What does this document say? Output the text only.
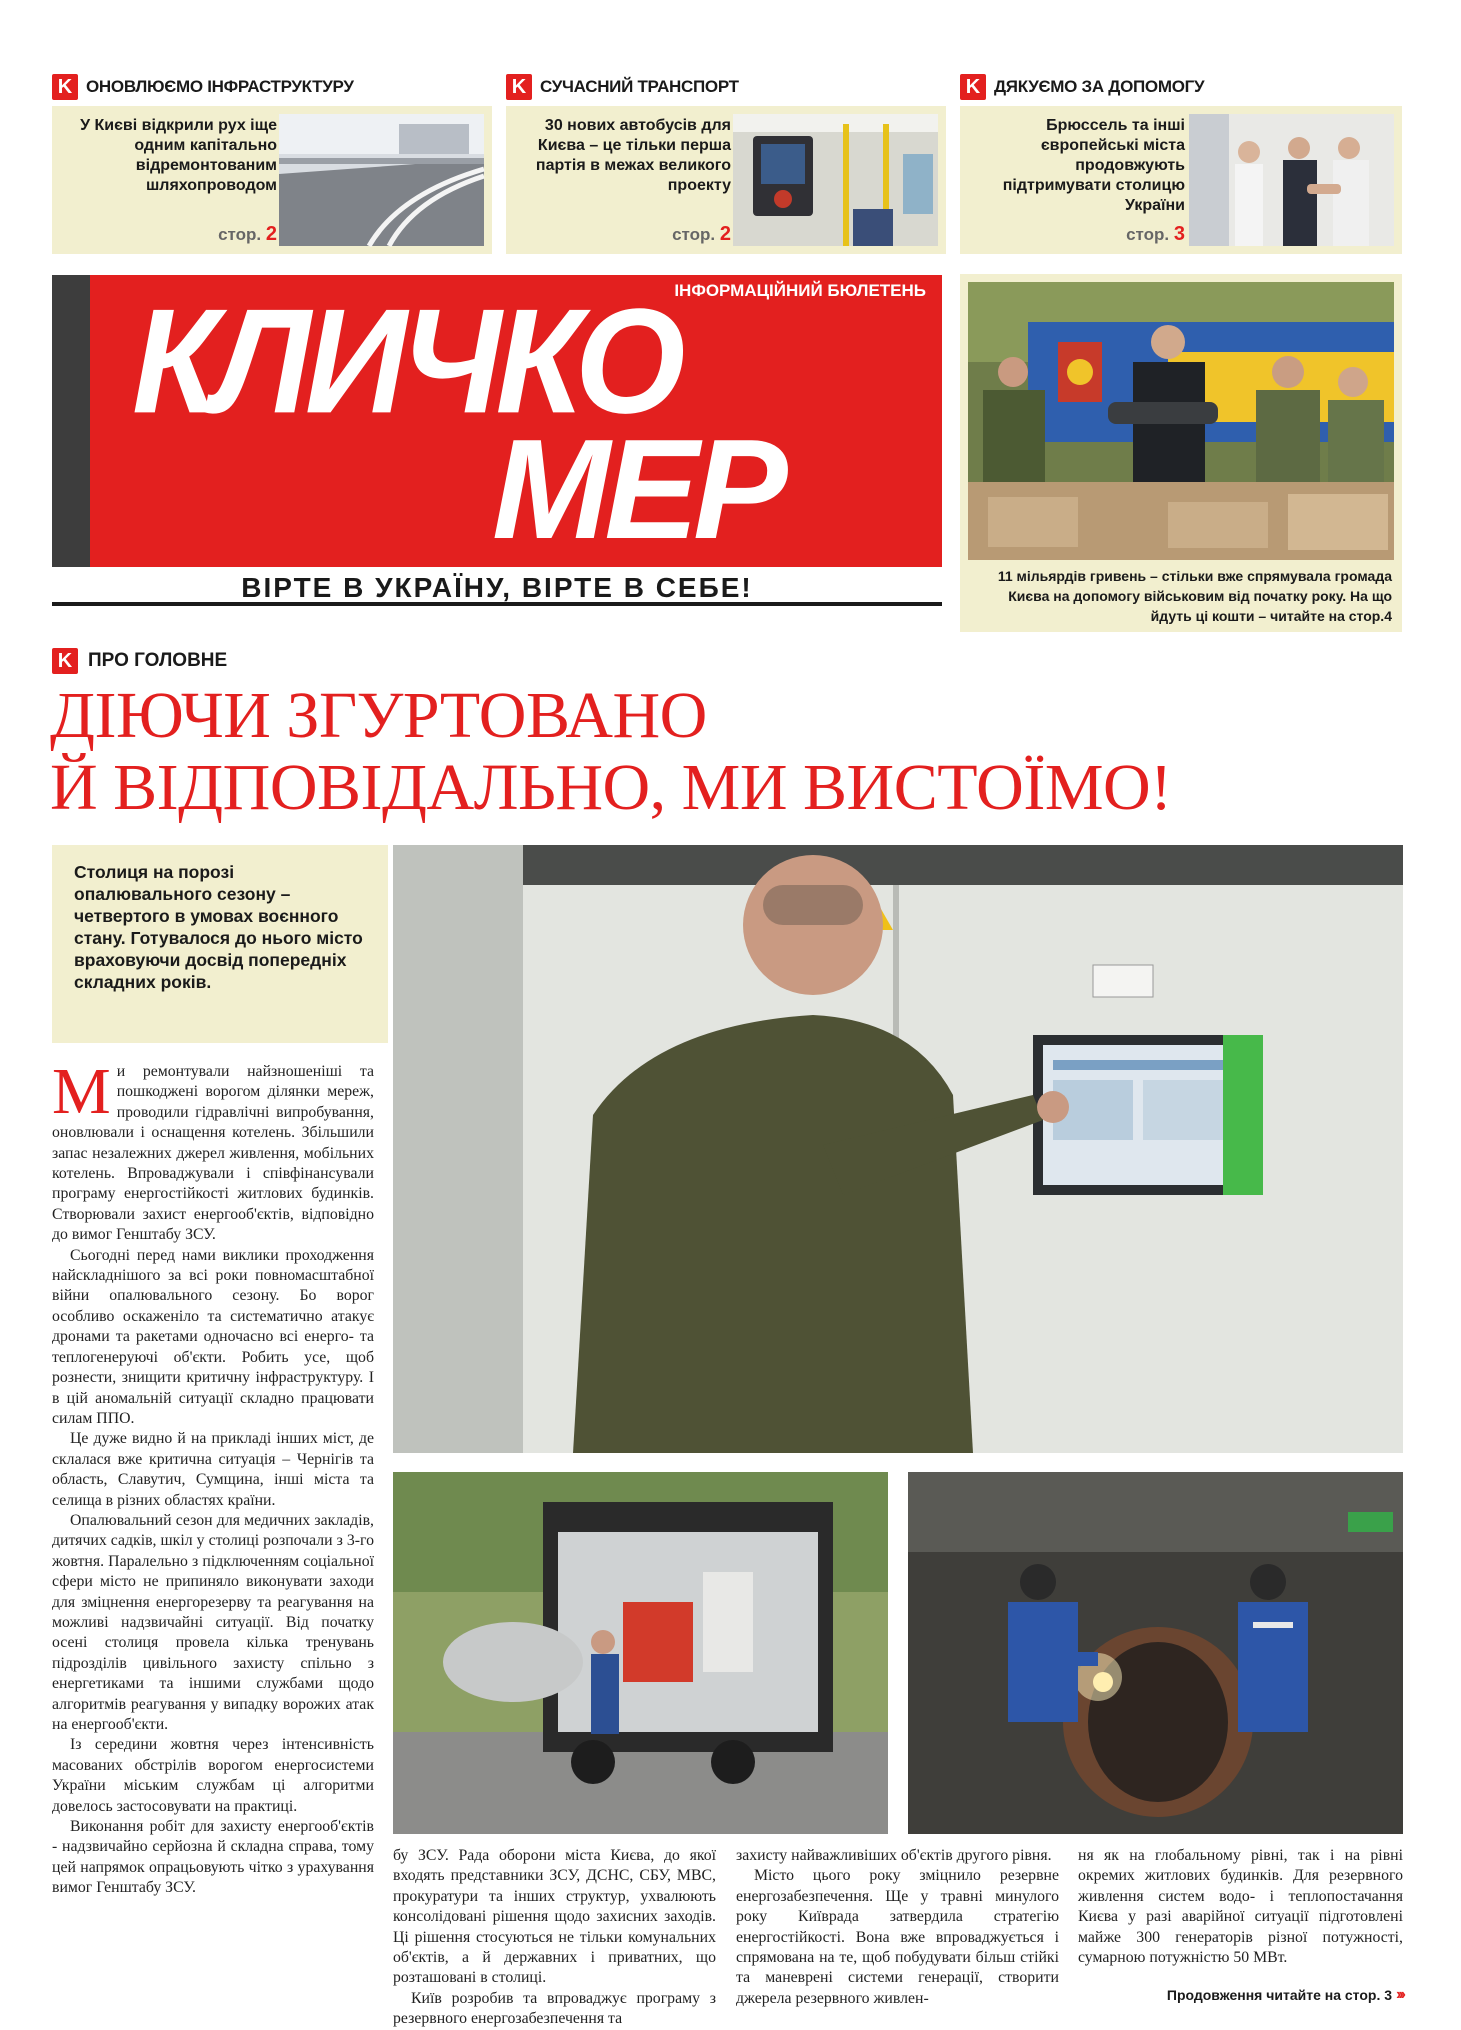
K ОНОВЛЮЄМО ІНФРАСТРУКТУРУ
У Києві відкрили рух іще одним капітально відремонтованим шляхопроводом
стор. 2
K СУЧАСНИЙ ТРАНСПОРТ
30 нових автобусів для Києва – це тільки перша партія в межах великого проекту
стор. 2
K ДЯКУЄМО ЗА ДОПОМОГУ
Брюссель та інші європейські міста продовжують підтримувати столицю України
стор. 3
ІНФОРМАЦІЙНИЙ БЮЛЕТЕНЬ
КЛИЧКО
МЕР
ВІРТЕ В УКРАЇНУ, ВІРТЕ В СЕБЕ!	11 мільярдів гривень – стільки вже спрямувала громада Києва на допомогу військовим від початку року. На що йдуть ці кошти – читайте на стор.4
K ПРО ГОЛОВНЕ
ДІЮЧИ ЗГУРТОВАНО
Й ВІДПОВІДАЛЬНО, МИ ВИСТОЇМО!
Столиця на порозі опалювального сезону – четвертого в умовах воєнного стану. Готувалося до нього місто враховуючи досвід попередніх складних років.

Ми ремонтували найзношеніші та пошкоджені ворогом ділянки мереж, проводили гідравлічні випробування, оновлювали і оснащення котелень. Збільшили запас незалежних джерел живлення, мобільних котелень. Впроваджували і співфінансували програму енергостійкості житлових будинків. Створювали захист енергооб'єктів, відповідно до вимог Генштабу ЗСУ.

Сьогодні перед нами виклики проходження найскладнішого за всі роки повномасштабної війни опалювального сезону. Бо ворог особливо оскаженіло та систематично атакує дронами та ракетами одночасно всі енерго- та теплогенеруючі об'єкти. Робить усе, щоб рознести, знищити критичну інфраструктуру. І в цій аномальній ситуації складно працювати силам ППО.

Це дуже видно й на прикладі інших міст, де склалася вже критична ситуація – Чернігів та область, Славутич, Сумщина, інші міста та селища в різних областях країни.

Опалювальний сезон для медичних закладів, дитячих садків, шкіл у столиці розпочали з 3-го жовтня. Паралельно з підключенням соціальної сфери місто не припиняло виконувати заходи для зміцнення енергорезерву та реагування на можливі надзвичайні ситуації. Від початку осені столиця провела кілька тренувань підрозділів цивільного захисту спільно з енергетиками та іншими службами щодо алгоритмів реагування у випадку ворожих атак на енергооб'єкти.

Із середини жовтня через інтенсивність масованих обстрілів ворогом енергосистеми України міським службам ці алгоритми довелось застосовувати на практиці.

Виконання робіт для захисту енергооб'єктів - надзвичайно серйозна й складна справа, тому цей напрямок опрацьовують чітко з урахування вимог Генштабу ЗСУ.

бу ЗСУ. Рада оборони міста Києва, до якої входять представники ЗСУ, ДСНС, СБУ, МВС, прокуратури та інших структур, ухвалюють консолідовані рішення щодо захисних заходів. Ці рішення стосуються не тільки комунальних об'єктів, а й державних і приватних, що розташовані в столиці.

Київ розробив та впроваджує програму з резервного енергозабезпечення та

захисту найважливіших об'єктів другого рівня.

Місто цього року зміцнило резервне енергозабезпечення. Ще у травні минулого року Київрада затвердила стратегію енергостійкості. Вона вже впроваджується і спрямована на те, щоб побудувати більш стійкі та маневрені системи генерації, створити джерела резервного живлен-

ня як на глобальному рівні, так і на рівні окремих житлових будинків. Для резервного живлення систем водо- і теплопостачання Києва у разі аварійної ситуації підготовлені майже 300 генераторів різної потужності, сумарною потужністю 50 МВт.

Продовження читайте на стор. 3 ›››
